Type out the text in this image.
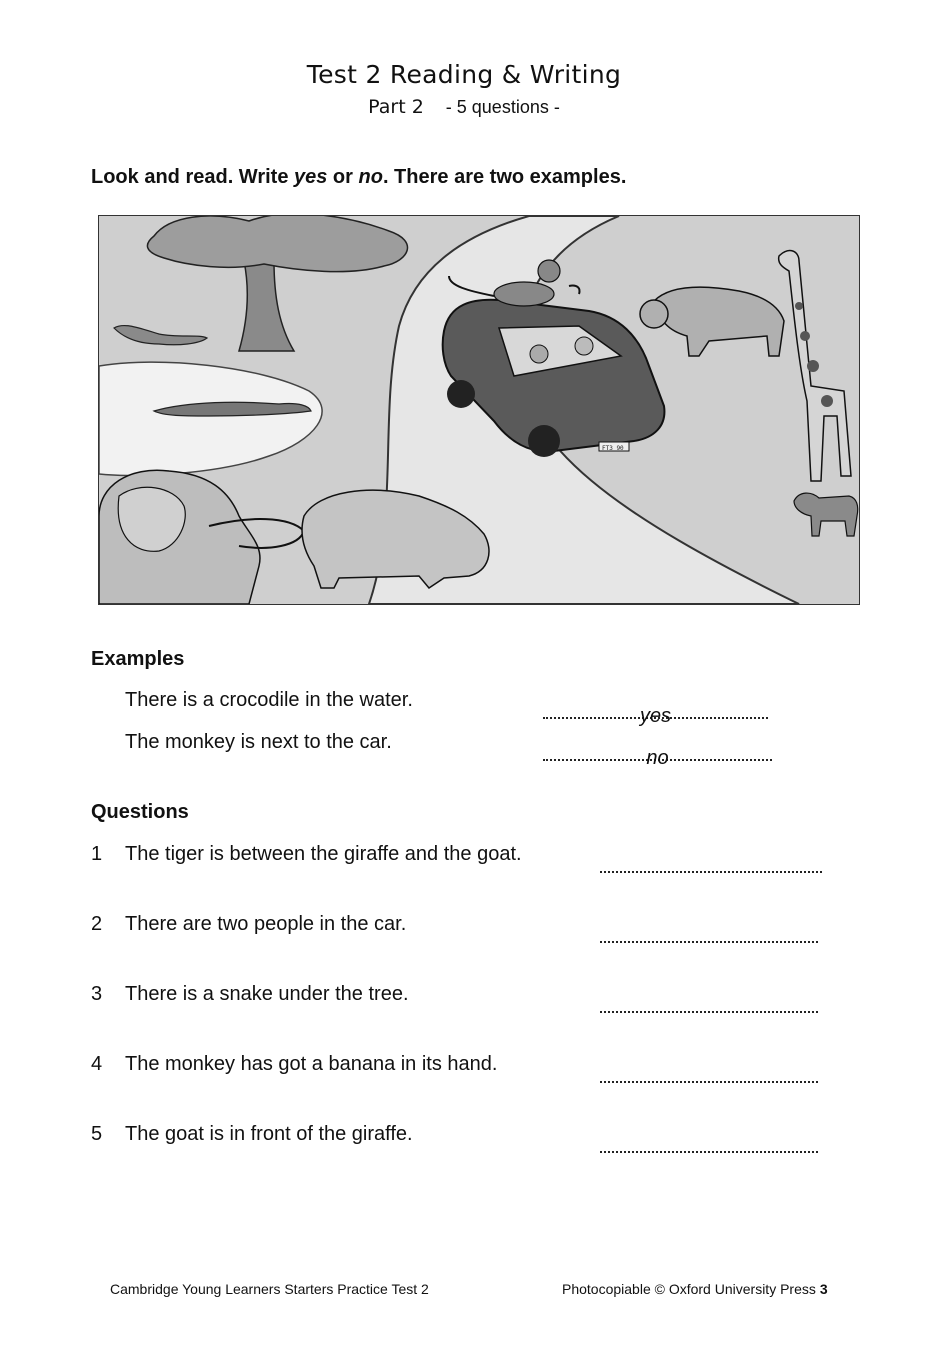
Test 2 Reading & Writing
Part 2 - 5 questions -
Look and read. Write yes or no. There are two examples.
FT3 90
Examples
There is a crocodile in the water.
yes
The monkey is next to the car.
no
Questions
1 The tiger is between the giraffe and the goat.
2 There are two people in the car.
3 There is a snake under the tree.
4 The monkey has got a banana in its hand.
5 The goat is in front of the giraffe.
Cambridge Young Learners Starters Practice Test 2	Photocopiable © Oxford University Press 3
